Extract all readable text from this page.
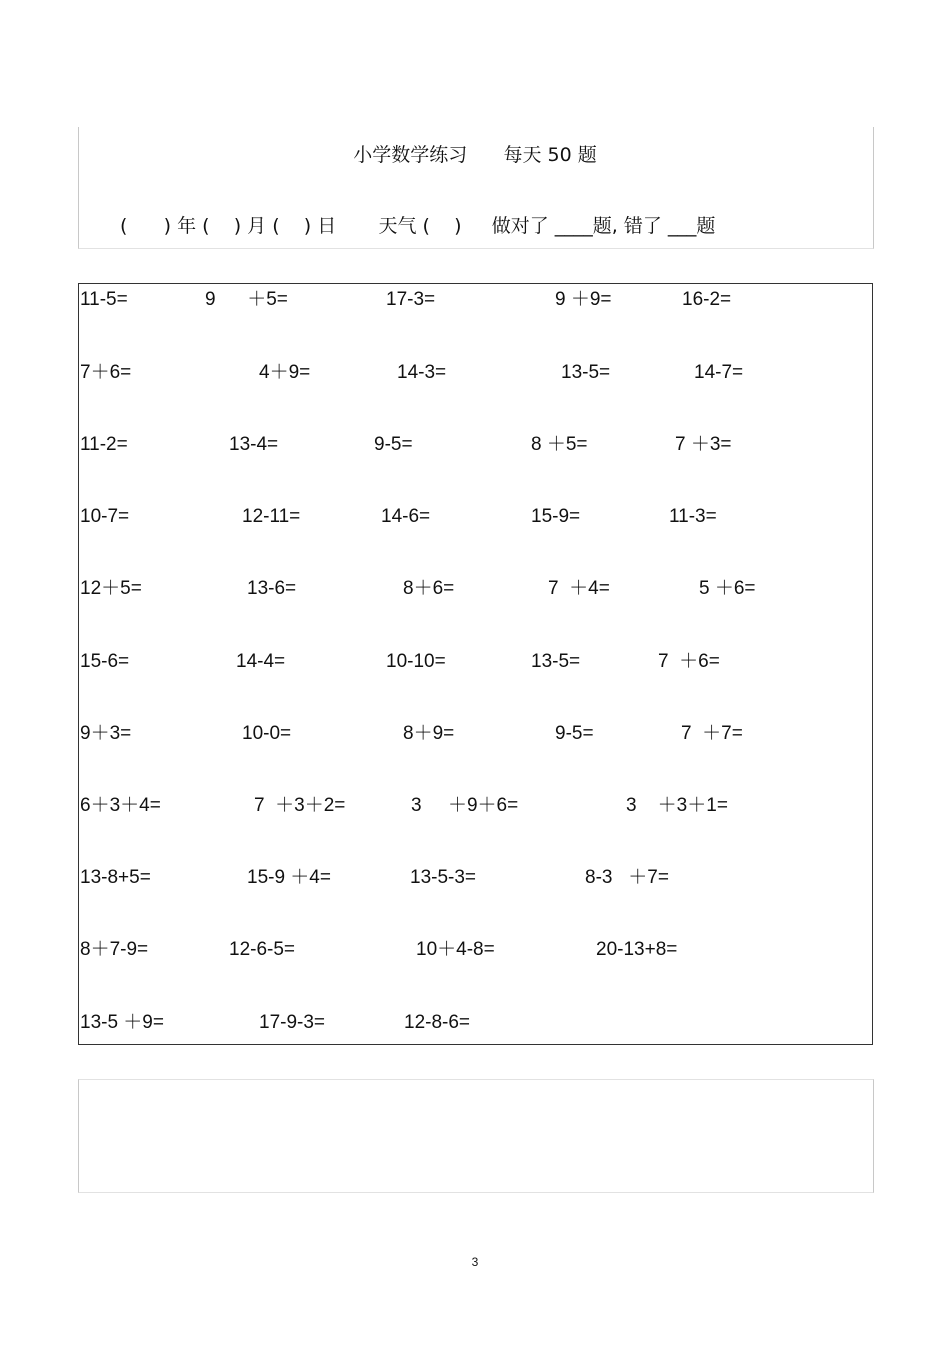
小学数学练习      每天 50 题
(      ) 年 (    ) 月 (    ) 日       天气 (    )     做对了 ____题, 错了 ___题
11-5=	9      ＋5=	17-3=	9 ＋9=	16-2=
7＋6=	4＋9=	14-3=	13-5=	14-7=
11-2=	13-4=	9-5=	8 ＋5=	7 ＋3=
10-7=	12-11=	14-6=	15-9=	11-3=
12＋5=	13-6=	8＋6=	7  ＋4=	5 ＋6=
15-6=	14-4=	10-10=	13-5=	7  ＋6=
9＋3=	10-0=	8＋9=	9-5=	7  ＋7=
6＋3＋4=	7  ＋3＋2=	3     ＋9＋6=	3    ＋3＋1=
13-8+5=	15-9 ＋4=	13-5-3=	8-3   ＋7=
8＋7-9=	12-6-5=	10＋4-8=	20-13+8=
13-5 ＋9=	17-9-3=	12-8-6=
3
